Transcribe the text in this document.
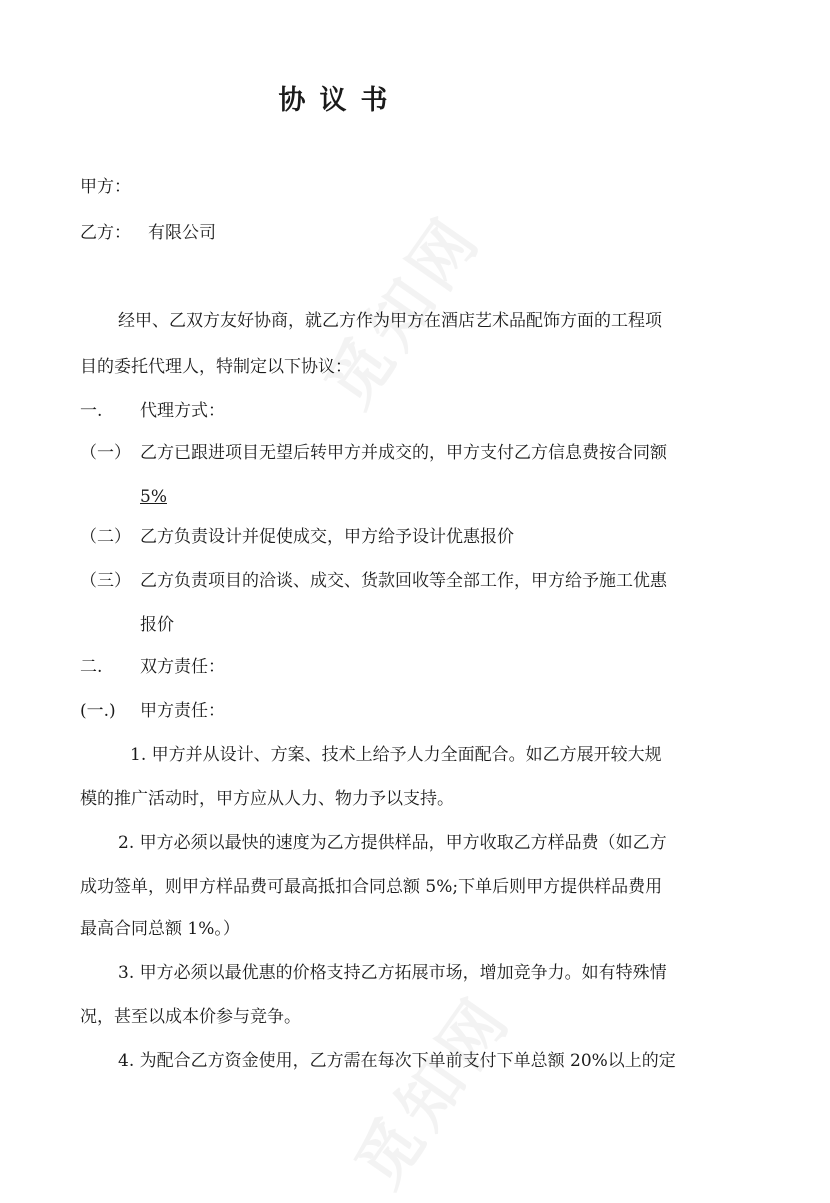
协议书
甲方：
乙方： 有限公司
经甲、乙双方友好协商，就乙方作为甲方在酒店艺术品配饰方面的工程项
目的委托代理人，特制定以下协议：
一. 代理方式：
（一） 乙方已跟进项目无望后转甲方并成交的，甲方支付乙方信息费按合同额
5%
（二） 乙方负责设计并促使成交，甲方给予设计优惠报价
（三） 乙方负责项目的洽谈、成交、货款回收等全部工作，甲方给予施工优惠
报价
二. 双方责任：
(一.) 甲方责任：
1. 甲方并从设计、方案、技术上给予人力全面配合。如乙方展开较大规
模的推广活动时，甲方应从人力、物力予以支持。
2. 甲方必须以最快的速度为乙方提供样品，甲方收取乙方样品费（如乙方
成功签单，则甲方样品费可最高抵扣合同总额 5%;下单后则甲方提供样品费用
最高合同总额 1%。）
3. 甲方必须以最优惠的价格支持乙方拓展市场，增加竞争力。如有特殊情
况，甚至以成本价参与竞争。
4. 为配合乙方资金使用，乙方需在每次下单前支付下单总额 20%以上的定
